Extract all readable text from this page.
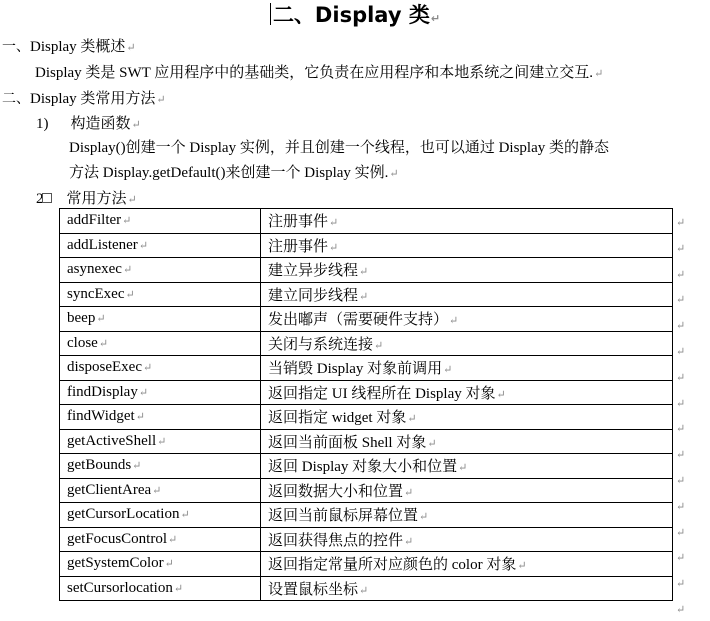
二、Display 类↵
一、Display 类概述↵
Display 类是 SWT 应用程序中的基础类，它负责在应用程序和本地系统之间建立交互.↵
二、Display 类常用方法↵
1) 构造函数↵
Display()创建一个 Display 实例，并且创建一个线程，也可以通过 Display 类的静态
方法 Display.getDefault()来创建一个 Display 实例.↵
2 常用方法↵
addFilter↵	注册事件↵
addListener↵	注册事件↵
asynexec↵	建立异步线程↵
syncExec↵	建立同步线程↵
beep↵	发出嘟声（需要硬件支持）↵
close↵	关闭与系统连接↵
disposeExec↵	当销毁 Display 对象前调用↵
findDisplay↵	返回指定 UI 线程所在 Display 对象↵
findWidget↵	返回指定 widget 对象↵
getActiveShell↵	返回当前面板 Shell 对象↵
getBounds↵	返回 Display 对象大小和位置↵
getClientArea↵	返回数据大小和位置↵
getCursorLocation↵	返回当前鼠标屏幕位置↵
getFocusControl↵	返回获得焦点的控件↵
getSystemColor↵	返回指定常量所对应颜色的 color 对象↵
setCursorlocation↵	设置鼠标坐标↵
↵
↵
↵
↵
↵
↵
↵
↵
↵
↵
↵
↵
↵
↵
↵
↵
